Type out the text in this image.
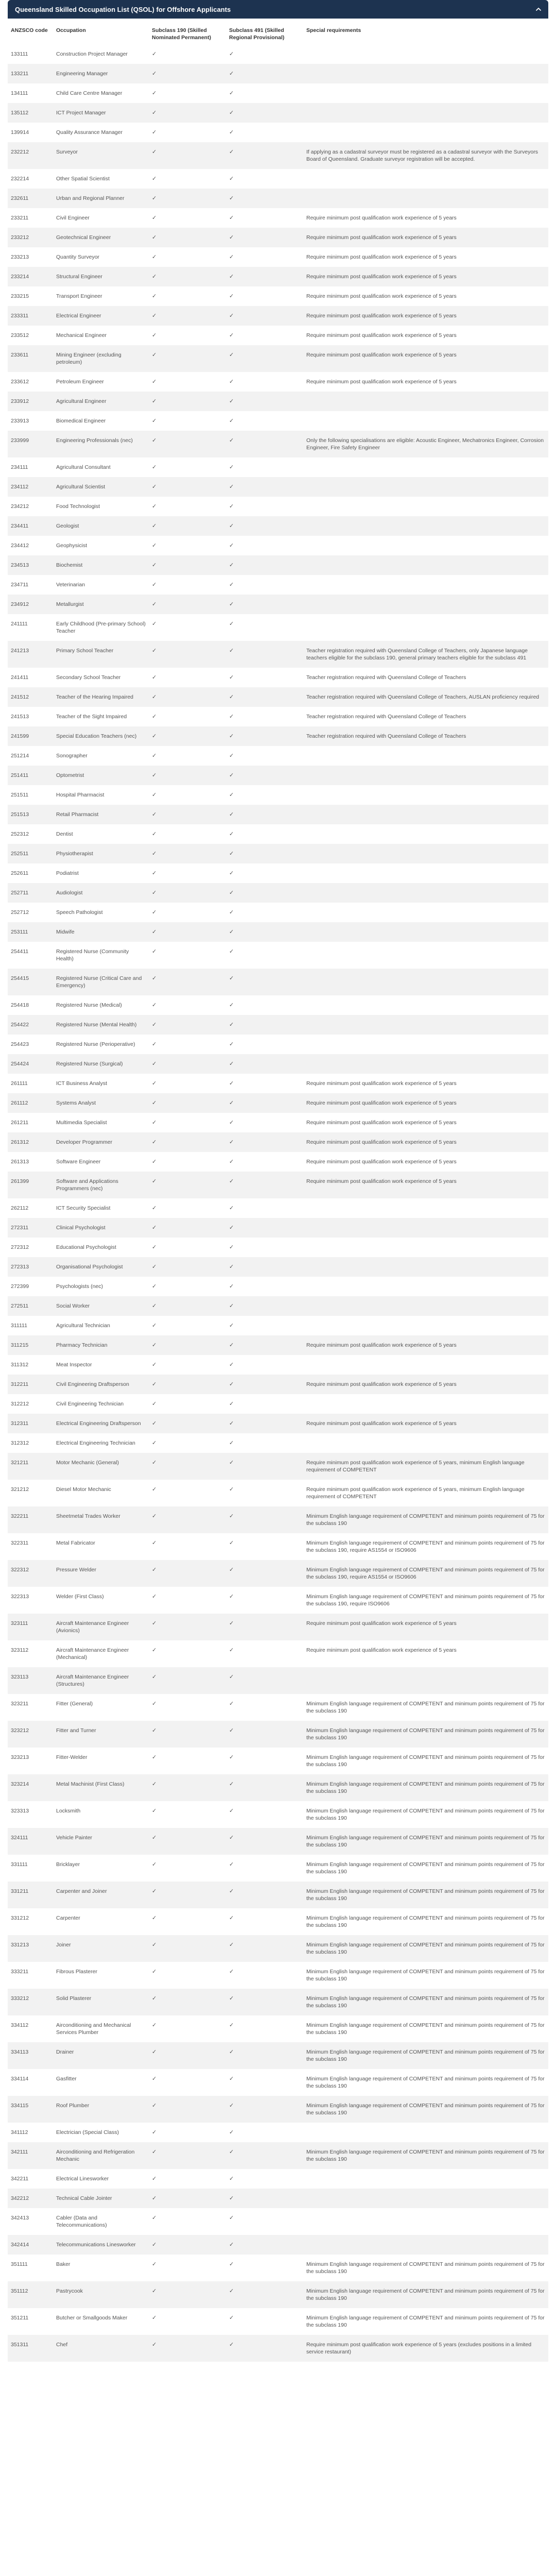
Queensland Skilled Occupation List (QSOL) for Offshore Applicants
ANZSCO code	Occupation	Subclass 190 (Skilled Nominated Permanent)	Subclass 491 (Skilled Regional Provisional)	Special requirements
133111	Construction Project Manager	✓	✓	
133211	Engineering Manager	✓	✓	
134111	Child Care Centre Manager	✓	✓	
135112	ICT Project Manager	✓	✓	
139914	Quality Assurance Manager	✓	✓	
232212	Surveyor	✓	✓	If applying as a cadastral surveyor must be registered as a cadastral surveyor with the Surveyors Board of Queensland. Graduate surveyor registration will be accepted.
232214	Other Spatial Scientist	✓	✓	
232611	Urban and Regional Planner	✓	✓	
233211	Civil Engineer	✓	✓	Require minimum post qualification work experience of 5 years
233212	Geotechnical Engineer	✓	✓	Require minimum post qualification work experience of 5 years
233213	Quantity Surveyor	✓	✓	Require minimum post qualification work experience of 5 years
233214	Structural Engineer	✓	✓	Require minimum post qualification work experience of 5 years
233215	Transport Engineer	✓	✓	Require minimum post qualification work experience of 5 years
233311	Electrical Engineer	✓	✓	Require minimum post qualification work experience of 5 years
233512	Mechanical Engineer	✓	✓	Require minimum post qualification work experience of 5 years
233611	Mining Engineer (excluding petroleum)	✓	✓	Require minimum post qualification work experience of 5 years
233612	Petroleum Engineer	✓	✓	Require minimum post qualification work experience of 5 years
233912	Agricultural Engineer	✓	✓	
233913	Biomedical Engineer	✓	✓	
233999	Engineering Professionals (nec)	✓	✓	Only the following specialisations are eligible: Acoustic Engineer, Mechatronics Engineer, Corrosion Engineer, Fire Safety Engineer
234111	Agricultural Consultant	✓	✓	
234112	Agricultural Scientist	✓	✓	
234212	Food Technologist	✓	✓	
234411	Geologist	✓	✓	
234412	Geophysicist	✓	✓	
234513	Biochemist	✓	✓	
234711	Veterinarian	✓	✓	
234912	Metallurgist	✓	✓	
241111	Early Childhood (Pre-primary School) Teacher	✓	✓	
241213	Primary School Teacher	✓	✓	Teacher registration required with Queensland College of Teachers, only Japanese language teachers eligible for the subclass 190, general primary teachers eligible for the subclass 491
241411	Secondary School Teacher	✓	✓	Teacher registration required with Queensland College of Teachers
241512	Teacher of the Hearing Impaired	✓	✓	Teacher registration required with Queensland College of Teachers, AUSLAN proficiency required
241513	Teacher of the Sight Impaired	✓	✓	Teacher registration required with Queensland College of Teachers
241599	Special Education Teachers (nec)	✓	✓	Teacher registration required with Queensland College of Teachers
251214	Sonographer	✓	✓	
251411	Optometrist	✓	✓	
251511	Hospital Pharmacist	✓	✓	
251513	Retail Pharmacist	✓	✓	
252312	Dentist	✓	✓	
252511	Physiotherapist	✓	✓	
252611	Podiatrist	✓	✓	
252711	Audiologist	✓	✓	
252712	Speech Pathologist	✓	✓	
253111	Midwife	✓	✓	
254411	Registered Nurse (Community Health)	✓	✓	
254415	Registered Nurse (Critical Care and Emergency)	✓	✓	
254418	Registered Nurse (Medical)	✓	✓	
254422	Registered Nurse (Mental Health)	✓	✓	
254423	Registered Nurse (Perioperative)	✓	✓	
254424	Registered Nurse (Surgical)	✓	✓	
261111	ICT Business Analyst	✓	✓	Require minimum post qualification work experience of 5 years
261112	Systems Analyst	✓	✓	Require minimum post qualification work experience of 5 years
261211	Multimedia Specialist	✓	✓	Require minimum post qualification work experience of 5 years
261312	Developer Programmer	✓	✓	Require minimum post qualification work experience of 5 years
261313	Software Engineer	✓	✓	Require minimum post qualification work experience of 5 years
261399	Software and Applications Programmers (nec)	✓	✓	Require minimum post qualification work experience of 5 years
262112	ICT Security Specialist	✓	✓	
272311	Clinical Psychologist	✓	✓	
272312	Educational Psychologist	✓	✓	
272313	Organisational Psychologist	✓	✓	
272399	Psychologists (nec)	✓	✓	
272511	Social Worker	✓	✓	
311111	Agricultural Technician	✓	✓	
311215	Pharmacy Technician	✓	✓	Require minimum post qualification work experience of 5 years
311312	Meat Inspector	✓	✓	
312211	Civil Engineering Draftsperson	✓	✓	Require minimum post qualification work experience of 5 years
312212	Civil Engineering Technician	✓	✓	
312311	Electrical Engineering Draftsperson	✓	✓	Require minimum post qualification work experience of 5 years
312312	Electrical Engineering Technician	✓	✓	
321211	Motor Mechanic (General)	✓	✓	Require minimum post qualification work experience of 5 years, minimum English language requirement of COMPETENT
321212	Diesel Motor Mechanic	✓	✓	Require minimum post qualification work experience of 5 years, minimum English language requirement of COMPETENT
322211	Sheetmetal Trades Worker	✓	✓	Minimum English language requirement of COMPETENT and minimum points requirement of 75 for the subclass 190
322311	Metal Fabricator	✓	✓	Minimum English language requirement of COMPETENT and minimum points requirement of 75 for the subclass 190, require AS1554 or ISO9606
322312	Pressure Welder	✓	✓	Minimum English language requirement of COMPETENT and minimum points requirement of 75 for the subclass 190, require AS1554 or ISO9606
322313	Welder (First Class)	✓	✓	Minimum English language requirement of COMPETENT and minimum points requirement of 75 for the subclass 190, require ISO9606
323111	Aircraft Maintenance Engineer (Avionics)	✓	✓	Require minimum post qualification work experience of 5 years
323112	Aircraft Maintenance Engineer (Mechanical)	✓	✓	Require minimum post qualification work experience of 5 years
323113	Aircraft Maintenance Engineer (Structures)	✓	✓	
323211	Fitter (General)	✓	✓	Minimum English language requirement of COMPETENT and minimum points requirement of 75 for the subclass 190
323212	Fitter and Turner	✓	✓	Minimum English language requirement of COMPETENT and minimum points requirement of 75 for the subclass 190
323213	Fitter-Welder	✓	✓	Minimum English language requirement of COMPETENT and minimum points requirement of 75 for the subclass 190
323214	Metal Machinist (First Class)	✓	✓	Minimum English language requirement of COMPETENT and minimum points requirement of 75 for the subclass 190
323313	Locksmith	✓	✓	Minimum English language requirement of COMPETENT and minimum points requirement of 75 for the subclass 190
324111	Vehicle Painter	✓	✓	Minimum English language requirement of COMPETENT and minimum points requirement of 75 for the subclass 190
331111	Bricklayer	✓	✓	Minimum English language requirement of COMPETENT and minimum points requirement of 75 for the subclass 190
331211	Carpenter and Joiner	✓	✓	Minimum English language requirement of COMPETENT and minimum points requirement of 75 for the subclass 190
331212	Carpenter	✓	✓	Minimum English language requirement of COMPETENT and minimum points requirement of 75 for the subclass 190
331213	Joiner	✓	✓	Minimum English language requirement of COMPETENT and minimum points requirement of 75 for the subclass 190
333211	Fibrous Plasterer	✓	✓	Minimum English language requirement of COMPETENT and minimum points requirement of 75 for the subclass 190
333212	Solid Plasterer	✓	✓	Minimum English language requirement of COMPETENT and minimum points requirement of 75 for the subclass 190
334112	Airconditioning and Mechanical Services Plumber	✓	✓	Minimum English language requirement of COMPETENT and minimum points requirement of 75 for the subclass 190
334113	Drainer	✓	✓	Minimum English language requirement of COMPETENT and minimum points requirement of 75 for the subclass 190
334114	Gasfitter	✓	✓	Minimum English language requirement of COMPETENT and minimum points requirement of 75 for the subclass 190
334115	Roof Plumber	✓	✓	Minimum English language requirement of COMPETENT and minimum points requirement of 75 for the subclass 190
341112	Electrician (Special Class)	✓	✓	
342111	Airconditioning and Refrigeration Mechanic	✓	✓	Minimum English language requirement of COMPETENT and minimum points requirement of 75 for the subclass 190
342211	Electrical Linesworker	✓	✓	
342212	Technical Cable Jointer	✓	✓	
342413	Cabler (Data and Telecommunications)	✓	✓	
342414	Telecommunications Linesworker	✓	✓	
351111	Baker	✓	✓	Minimum English language requirement of COMPETENT and minimum points requirement of 75 for the subclass 190
351112	Pastrycook	✓	✓	Minimum English language requirement of COMPETENT and minimum points requirement of 75 for the subclass 190
351211	Butcher or Smallgoods Maker	✓	✓	Minimum English language requirement of COMPETENT and minimum points requirement of 75 for the subclass 190
351311	Chef	✓	✓	Require minimum post qualification work experience of 5 years (excludes positions in a limited service restaurant)
